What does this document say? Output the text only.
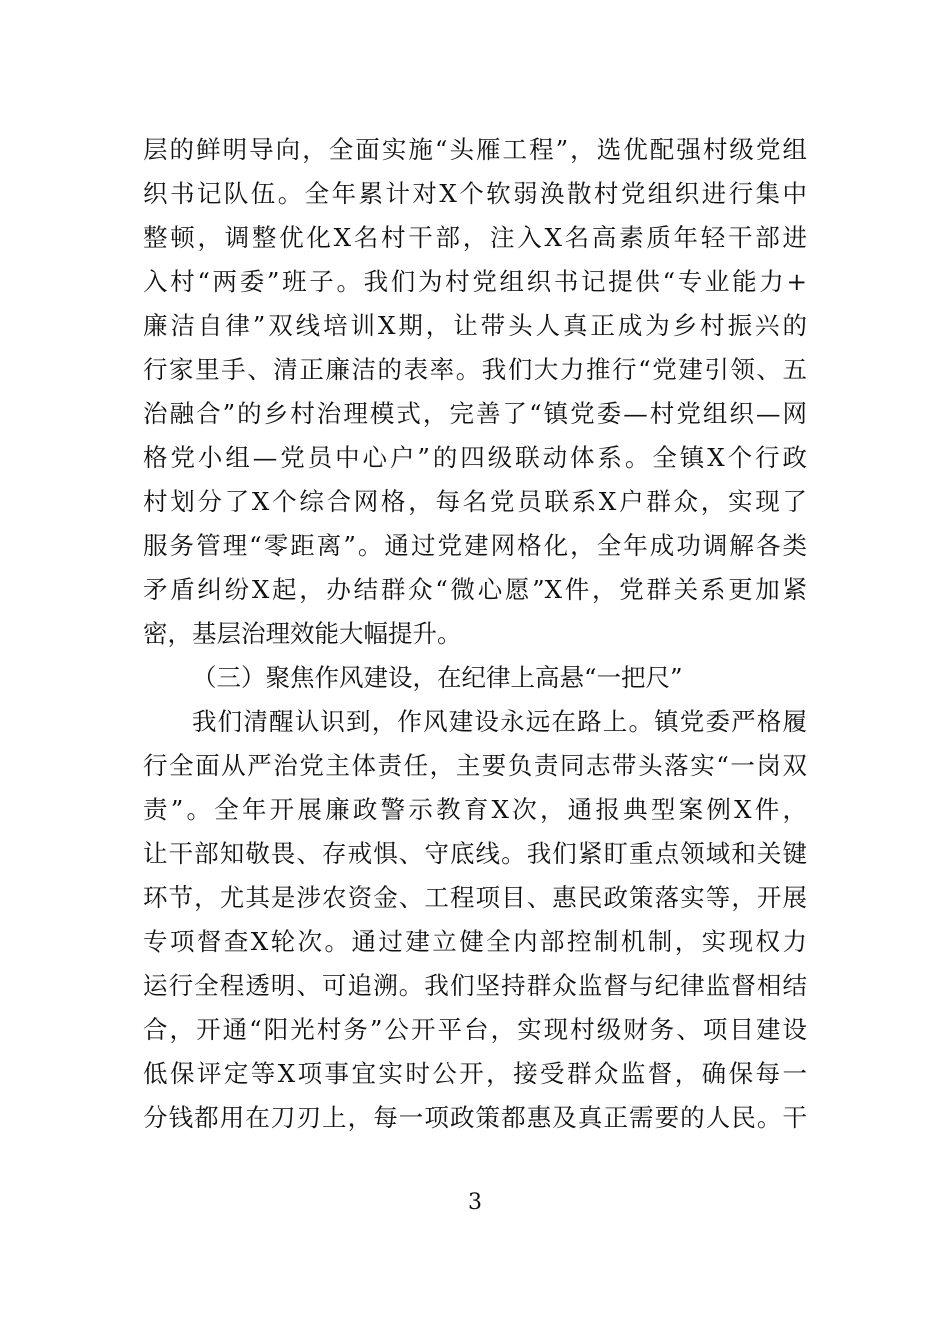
层的鲜明导向，全面实施“头雁工程”，选优配强村级党组
织书记队伍。全年累计对X个软弱涣散村党组织进行集中
整顿，调整优化X名村干部，注入X名高素质年轻干部进
入村“两委”班子。我们为村党组织书记提供“专业能力+
廉洁自律”双线培训X期，让带头人真正成为乡村振兴的
行家里手、清正廉洁的表率。我们大力推行“党建引领、五
治融合”的乡村治理模式，完善了“镇党委—村党组织—网
格党小组—党员中心户”的四级联动体系。全镇X个行政
村划分了X个综合网格，每名党员联系X户群众，实现了
服务管理“零距离”。通过党建网格化，全年成功调解各类
矛盾纠纷X起，办结群众“微心愿”X件，党群关系更加紧
密，基层治理效能大幅提升。
（三）聚焦作风建设，在纪律上高悬“一把尺”
我们清醒认识到，作风建设永远在路上。镇党委严格履
行全面从严治党主体责任，主要负责同志带头落实“一岗双
责”。全年开展廉政警示教育X次，通报典型案例X件，
让干部知敬畏、存戒惧、守底线。我们紧盯重点领域和关键
环节，尤其是涉农资金、工程项目、惠民政策落实等，开展
专项督查X轮次。通过建立健全内部控制机制，实现权力
运行全程透明、可追溯。我们坚持群众监督与纪律监督相结
合，开通“阳光村务”公开平台，实现村级财务、项目建设
低保评定等X项事宜实时公开，接受群众监督，确保每一
分钱都用在刀刃上，每一项政策都惠及真正需要的人民。干
3
